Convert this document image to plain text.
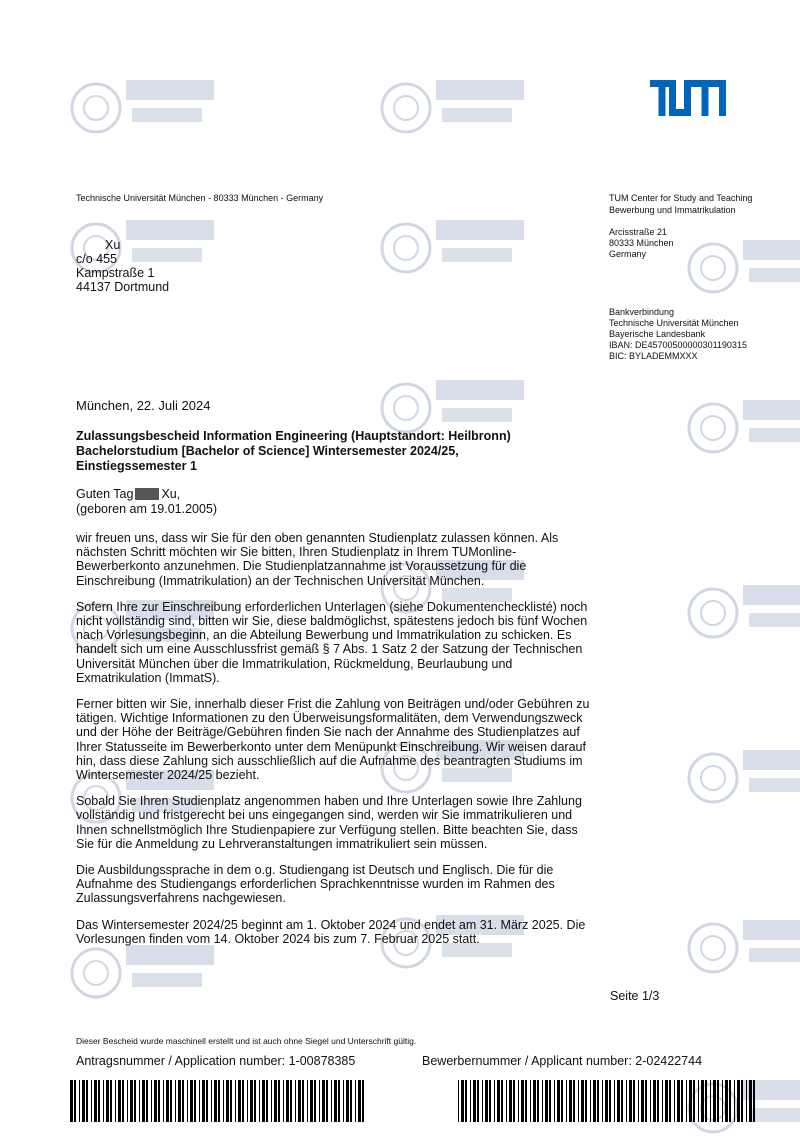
Technische Universität München - 80333 München - Germany	TUM Center for Study and Teaching
Bewerbung und Immatrikulation
Arcisstraße 21
80333 München
Germany
Bankverbindung
Technische Universität München
Bayerische Landesbank
IBAN: DE45700500000301190315
BIC: BYLADEMMXXX
Xu
c/o 455
Kampstraße 1
44137 Dortmund
München, 22. Juli 2024
Zulassungsbescheid Information Engineering (Hauptstandort: Heilbronn)
Bachelorstudium [Bachelor of Science] Wintersemester 2024/25,
Einstiegssemester 1
Guten Tag Xu,
(geboren am 19.01.2005)

wir freuen uns, dass wir Sie für den oben genannten Studienplatz zulassen können. Als nächsten Schritt möchten wir Sie bitten, Ihren Studienplatz in Ihrem TUMonline-Bewerberkonto anzunehmen. Die Studienplatzannahme ist Voraussetzung für die Einschreibung (Immatrikulation) an der Technischen Universität München.

Sofern Ihre zur Einschreibung erforderlichen Unterlagen (siehe Dokumentenchecklisté) noch nicht vollständig sind, bitten wir Sie, diese baldmöglichst, spätestens jedoch bis fünf Wochen nach Vorlesungsbeginn, an die Abteilung Bewerbung und Immatrikulation zu schicken. Es handelt sich um eine Ausschlussfrist gemäß § 7 Abs. 1 Satz 2 der Satzung der Technischen Universität München über die Immatrikulation, Rückmeldung, Beurlaubung und Exmatrikulation (ImmatS).

Ferner bitten wir Sie, innerhalb dieser Frist die Zahlung von Beiträgen und/oder Gebühren zu tätigen. Wichtige Informationen zu den Überweisungsformalitäten, dem Verwendungszweck und der Höhe der Beiträge/Gebühren finden Sie nach der Annahme des Studienplatzes auf Ihrer Statusseite im Bewerberkonto unter dem Menüpunkt Einschreibung. Wir weisen darauf hin, dass diese Zahlung sich ausschließlich auf die Aufnahme des beantragten Studiums im Wintersemester 2024/25 bezieht.

Sobald Sie Ihren Studienplatz angenommen haben und Ihre Unterlagen sowie Ihre Zahlung vollständig und fristgerecht bei uns eingegangen sind, werden wir Sie immatrikulieren und Ihnen schnellstmöglich Ihre Studienpapiere zur Verfügung stellen. Bitte beachten Sie, dass Sie für die Anmeldung zu Lehrveranstaltungen immatrikuliert sein müssen.

Die Ausbildungssprache in dem o.g. Studiengang ist Deutsch und Englisch. Die für die Aufnahme des Studiengangs erforderlichen Sprachkenntnisse wurden im Rahmen des Zulassungsverfahrens nachgewiesen.

Das Wintersemester 2024/25 beginnt am 1. Oktober 2024 und endet am 31. März 2025. Die Vorlesungen finden vom 14. Oktober 2024 bis zum 7. Februar 2025 statt.

Seite 1/3
Dieser Bescheid wurde maschinell erstellt und ist auch ohne Siegel und Unterschrift gültig.
Antragsnummer / Application number: 1-00878385	Bewerbernummer / Applicant number: 2-02422744
